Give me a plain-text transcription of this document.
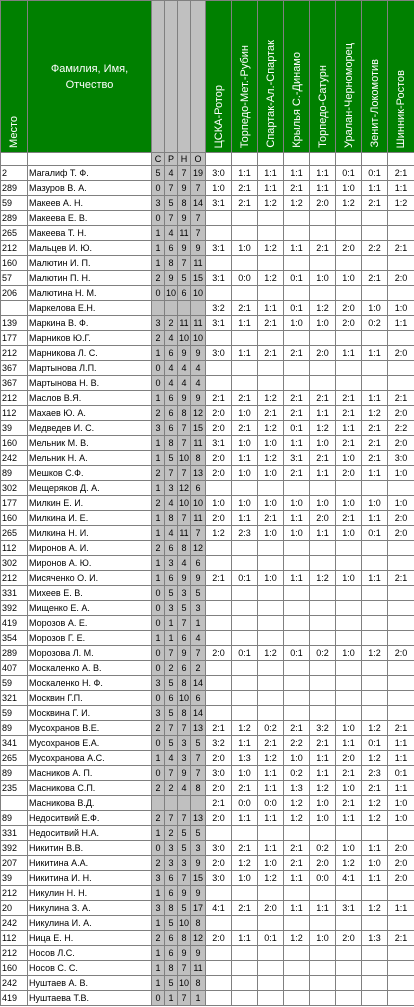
Место	Фамилия, Имя, Отчество					ЦСКА-Ротор	Торпедо-Мет.-Рубин	Спартак-Ал.-Спартак	Крылья С.-Динамо	Торпедо-Сатурн	Уралан-Черноморец	Зенит-Локомотив	Шинник-Ростов
		С	Р	Н	О								
2	Магалиф Т. Ф.	5	4	7	19	3:0	1:1	1:1	1:1	1:1	0:1	0:1	2:1
289	Мазуров В. А.	0	7	9	7	1:0	2:1	1:1	2:1	1:1	1:0	1:1	1:1
59	Макеев А. Н.	3	5	8	14	3:1	2:1	1:2	1:2	2:0	1:2	2:1	1:2
289	Макеева Е. В.	0	7	9	7								
265	Макеева Т. Н.	1	4	11	7								
212	Мальцев И. Ю.	1	6	9	9	3:1	1:0	1:2	1:1	2:1	2:0	2:2	2:1
160	Малютин И. П.	1	8	7	11								
57	Малютин П. Н.	2	9	5	15	3:1	0:0	1:2	0:1	1:0	1:0	2:1	2:0
206	Малютина Н. М.	0	10	6	10								
	Маркелова Е.Н.					3:2	2:1	1:1	0:1	1:2	2:0	1:0	1:0
139	Маркина В. Ф.	3	2	11	11	3:1	1:1	2:1	1:0	1:0	2:0	0:2	1:1
177	Марников Ю.Г.	2	4	10	10								
212	Марникова Л. С.	1	6	9	9	3:0	1:1	2:1	2:1	2:0	1:1	1:1	2:0
367	Мартынова Л.П.	0	4	4	4								
367	Мартынова Н. В.	0	4	4	4								
212	Маслов В.Я.	1	6	9	9	2:1	2:1	1:2	2:1	2:1	2:1	1:1	2:1
112	Махаев Ю. А.	2	6	8	12	2:0	1:0	2:1	2:1	1:1	2:1	1:2	2:0
39	Медведев И. С.	3	6	7	15	2:0	2:1	1:2	0:1	1:2	1:1	2:1	2:2
160	Мельник М. В.	1	8	7	11	3:1	1:0	1:0	1:1	1:0	2:1	2:1	2:0
242	Мельник Н. А.	1	5	10	8	2:0	1:1	1:2	3:1	2:1	1:0	2:1	3:0
89	Мешков С.Ф.	2	7	7	13	2:0	1:0	1:0	2:1	1:1	2:0	1:1	1:0
302	Мещеряков Д. А.	1	3	12	6								
177	Милкин Е. И.	2	4	10	10	1:0	1:0	1:0	1:0	1:0	1:0	1:0	1:0
160	Милкина И. Е.	1	8	7	11	2:0	1:1	2:1	1:1	2:0	2:1	1:1	2:0
265	Милкина Н. И.	1	4	11	7	1:2	2:3	1:0	1:0	1:1	1:0	0:1	2:0
112	Миронов А. И.	2	6	8	12								
302	Миронов А. Ю.	1	3	4	6								
212	Мисяченко О. И.	1	6	9	9	2:1	0:1	1:0	1:1	1:2	1:0	1:1	2:1
331	Михеев Е. В.	0	5	3	5								
392	Мищенко Е. А.	0	3	5	3								
419	Морозов А. Е.	0	1	7	1								
354	Морозов Г. Е.	1	1	6	4								
289	Морозова Л. М.	0	7	9	7	2:0	0:1	1:2	0:1	0:2	1:0	1:2	2:0
407	Москаленко А. В.	0	2	6	2								
59	Москаленко Н. Ф.	3	5	8	14								
321	Москвин Г.П.	0	6	10	6								
59	Москвина Г. И.	3	5	8	14								
89	Мусохранов В.Е.	2	7	7	13	2:1	1:2	0:2	2:1	3:2	1:0	1:2	2:1
341	Мусохранов Е.А.	0	5	3	5	3:2	1:1	2:1	2:2	2:1	1:1	0:1	1:1
265	Мусохранова А.С.	1	4	3	7	2:0	1:3	1:2	1:0	1:1	2:0	1:2	1:1
89	Масников А. П.	0	7	9	7	3:0	1:0	1:1	0:2	1:1	2:1	2:3	0:1
235	Масникова С.П.	2	2	4	8	2:0	2:1	1:1	1:3	1:2	1:0	2:1	1:1
	Масникова В.Д.					2:1	0:0	0:0	1:2	1:0	2:1	1:2	1:0
89	Недоситвий Е.Ф.	2	7	7	13	2:0	1:1	1:1	1:2	1:0	1:1	1:2	1:0
331	Недоситвий Н.А.	1	2	5	5								
392	Никитин В.В.	0	3	5	3	3:0	2:1	1:1	2:1	0:2	1:0	1:1	2:0
207	Никитина А.А.	2	3	3	9	2:0	1:2	1:0	2:1	2:0	1:2	1:0	2:0
39	Никитина И. Н.	3	6	7	15	3:0	1:0	1:2	1:1	0:0	4:1	1:1	2:0
212	Никулин Н. Н.	1	6	9	9								
20	Никулина З. А.	3	8	5	17	4:1	2:1	2:0	1:1	1:1	3:1	1:2	1:1
242	Никулина И. А.	1	5	10	8								
112	Ница Е. Н.	2	6	8	12	2:0	1:1	0:1	1:2	1:0	2:0	1:3	2:1
212	Носов Л.С.	1	6	9	9								
160	Носов С. С.	1	8	7	11								
242	Нуштаев А. В.	1	5	10	8								
419	Нуштаева Т.В.	0	1	7	1								
